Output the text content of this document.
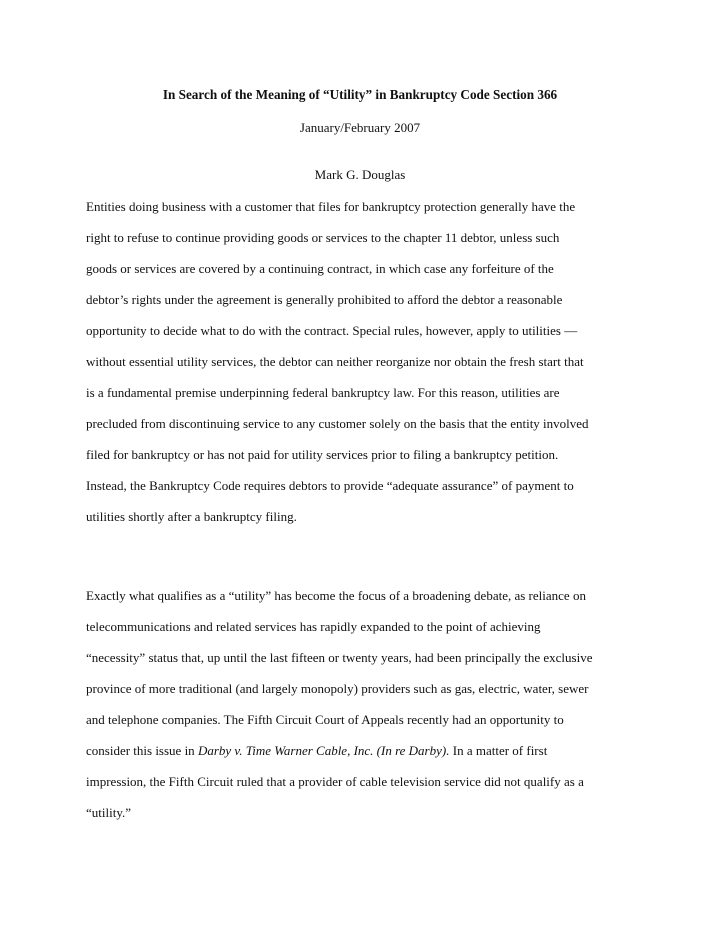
In Search of the Meaning of “Utility” in Bankruptcy Code Section 366

January/February 2007

Mark G. Douglas

Entities doing business with a customer that files for bankruptcy protection generally have the
right to refuse to continue providing goods or services to the chapter 11 debtor, unless such
goods or services are covered by a continuing contract, in which case any forfeiture of the
debtor’s rights under the agreement is generally prohibited to afford the debtor a reasonable
opportunity to decide what to do with the contract. Special rules, however, apply to utilities —
without essential utility services, the debtor can neither reorganize nor obtain the fresh start that
is a fundamental premise underpinning federal bankruptcy law. For this reason, utilities are
precluded from discontinuing service to any customer solely on the basis that the entity involved
filed for bankruptcy or has not paid for utility services prior to filing a bankruptcy petition.
Instead, the Bankruptcy Code requires debtors to provide “adequate assurance” of payment to
utilities shortly after a bankruptcy filing.
Exactly what qualifies as a “utility” has become the focus of a broadening debate, as reliance on
telecommunications and related services has rapidly expanded to the point of achieving
“necessity” status that, up until the last fifteen or twenty years, had been principally the exclusive
province of more traditional (and largely monopoly) providers such as gas, electric, water, sewer
and telephone companies. The Fifth Circuit Court of Appeals recently had an opportunity to
consider this issue in Darby v. Time Warner Cable, Inc. (In re Darby). In a matter of first
impression, the Fifth Circuit ruled that a provider of cable television service did not qualify as a
“utility.”
